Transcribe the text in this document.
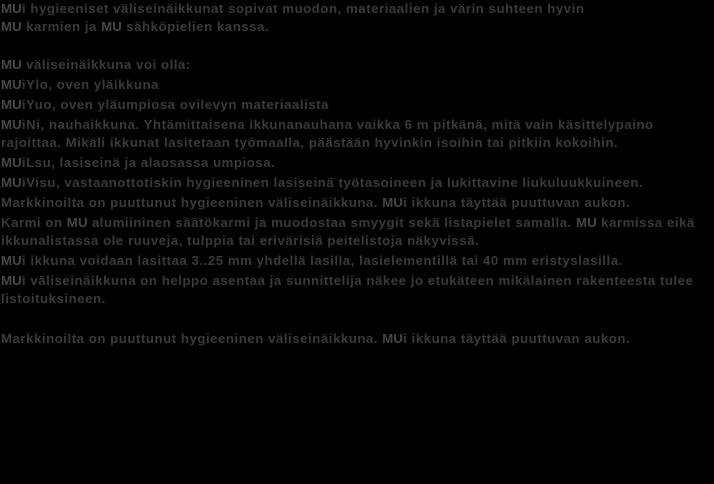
MUi hygieeniset väliseinäikkunat sopivat muodon, materiaalien ja värin suhteen hyvin
MU karmien ja MU sähköpielien kanssa.

MU väliseinäikkuna voi olla:

MUiYlo, oven yläikkuna

MUiYuo, oven yläumpiosa ovilevyn materiaalista

MUiNi, nauhaikkuna. Yhtämittaisena ikkunanauhana vaikka 6 m pitkänä, mitä vain käsittelypaino rajoittaa. Mikäli ikkunat lasitetaan työmaalla, päästään hyvinkin isoihin tai pitkiin kokoihin.

MUiLsu, lasiseinä ja alaosassa umpiosa.

MUiVisu, vastaanottotiskin hygieeninen lasiseinä työtasoineen ja lukittavine liukuluukkuineen.

Markkinoilta on puuttunut hygieeninen väliseinäikkuna. MUi ikkuna täyttää puuttuvan aukon.

Karmi on MU alumiininen säätökarmi ja muodostaa smyygit sekä listapielet samalla. MU karmissa eikä ikkunalistassa ole ruuveja, tulppia tai erivärisiä peitelistoja näkyvissä.

MUi ikkuna voidaan lasittaa 3..25 mm yhdellä lasilla, lasielementillä tai 40 mm eristyslasilla.

MUi väliseinäikkuna on helppo asentaa ja sunnittelija näkee jo etukäteen mikälainen rakenteesta tulee listoituksineen.

Markkinoilta on puuttunut hygieeninen väliseinäikkuna. MUi ikkuna täyttää puuttuvan aukon.
